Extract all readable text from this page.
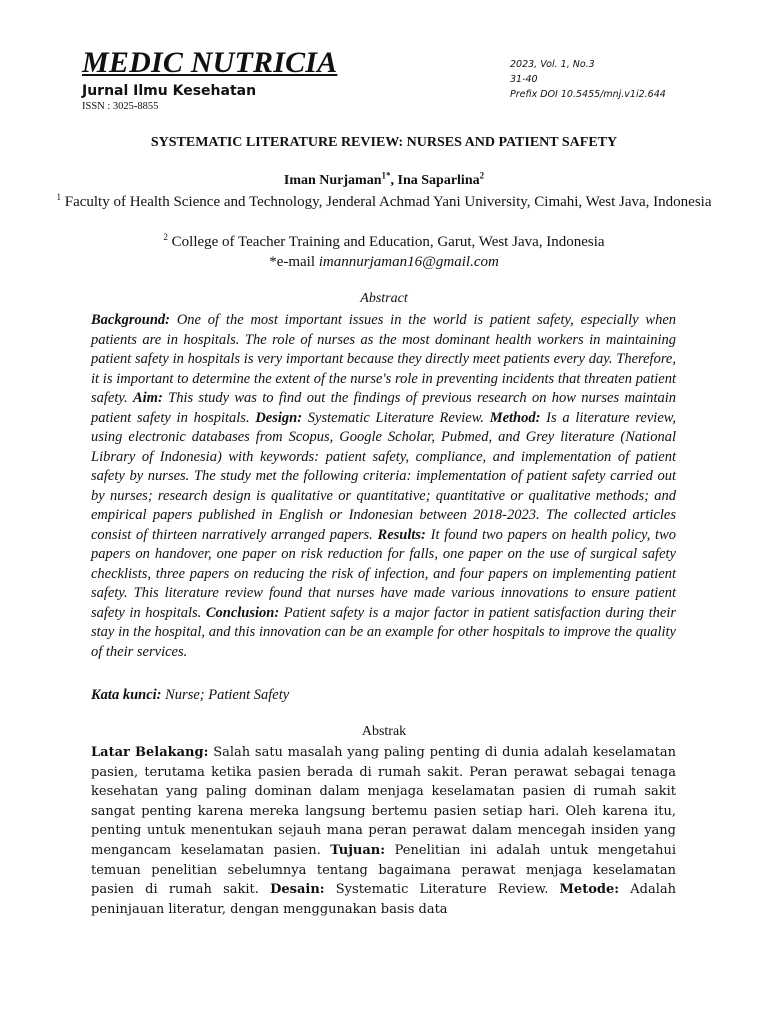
MEDIC NUTRICIA
Jurnal Ilmu Kesehatan
ISSN : 3025-8855
2023, Vol. 1, No.3
31-40
Prefix DOI 10.5455/mnj.v1i2.644
SYSTEMATIC LITERATURE REVIEW: NURSES AND PATIENT SAFETY
Iman Nurjaman$^{1*}$, Ina Saparlina$^2$
$^1$ Faculty of Health Science and Technology, Jenderal Achmad Yani University, Cimahi, West Java, Indonesia
$^2$ College of Teacher Training and Education, Garut, West Java, Indonesia
*e-mail imannurjaman16@gmail.com
Abstract

Background: One of the most important issues in the world is patient safety, especially when patients are in hospitals. The role of nurses as the most dominant health workers in maintaining patient safety in hospitals is very important because they directly meet patients every day. Therefore, it is important to determine the extent of the nurse's role in preventing incidents that threaten patient safety. Aim: This study was to find out the findings of previous research on how nurses maintain patient safety in hospitals. Design: Systematic Literature Review. Method: Is a literature review, using electronic databases from Scopus, Google Scholar, Pubmed, and Grey literature (National Library of Indonesia) with keywords: patient safety, compliance, and implementation of patient safety by nurses. The study met the following criteria: implementation of patient safety carried out by nurses; research design is qualitative or quantitative; quantitative or qualitative methods; and empirical papers published in English or Indonesian between 2018-2023. The collected articles consist of thirteen narratively arranged papers. Results: It found two papers on health policy, two papers on handover, one paper on risk reduction for falls, one paper on the use of surgical safety checklists, three papers on reducing the risk of infection, and four papers on implementing patient safety. This literature review found that nurses have made various innovations to ensure patient safety in hospitals. Conclusion: Patient safety is a major factor in patient satisfaction during their stay in the hospital, and this innovation can be an example for other hospitals to improve the quality of their services.

Kata kunci: Nurse; Patient Safety
Abstrak

Latar Belakang: Salah satu masalah yang paling penting di dunia adalah keselamatan pasien, terutama ketika pasien berada di rumah sakit. Peran perawat sebagai tenaga kesehatan yang paling dominan dalam menjaga keselamatan pasien di rumah sakit sangat penting karena mereka langsung bertemu pasien setiap hari. Oleh karena itu, penting untuk menentukan sejauh mana peran perawat dalam mencegah insiden yang mengancam keselamatan pasien. Tujuan: Penelitian ini adalah untuk mengetahui temuan penelitian sebelumnya tentang bagaimana perawat menjaga keselamatan pasien di rumah sakit. Desain: Systematic Literature Review. Metode: Adalah peninjauan literatur, dengan menggunakan basis data
